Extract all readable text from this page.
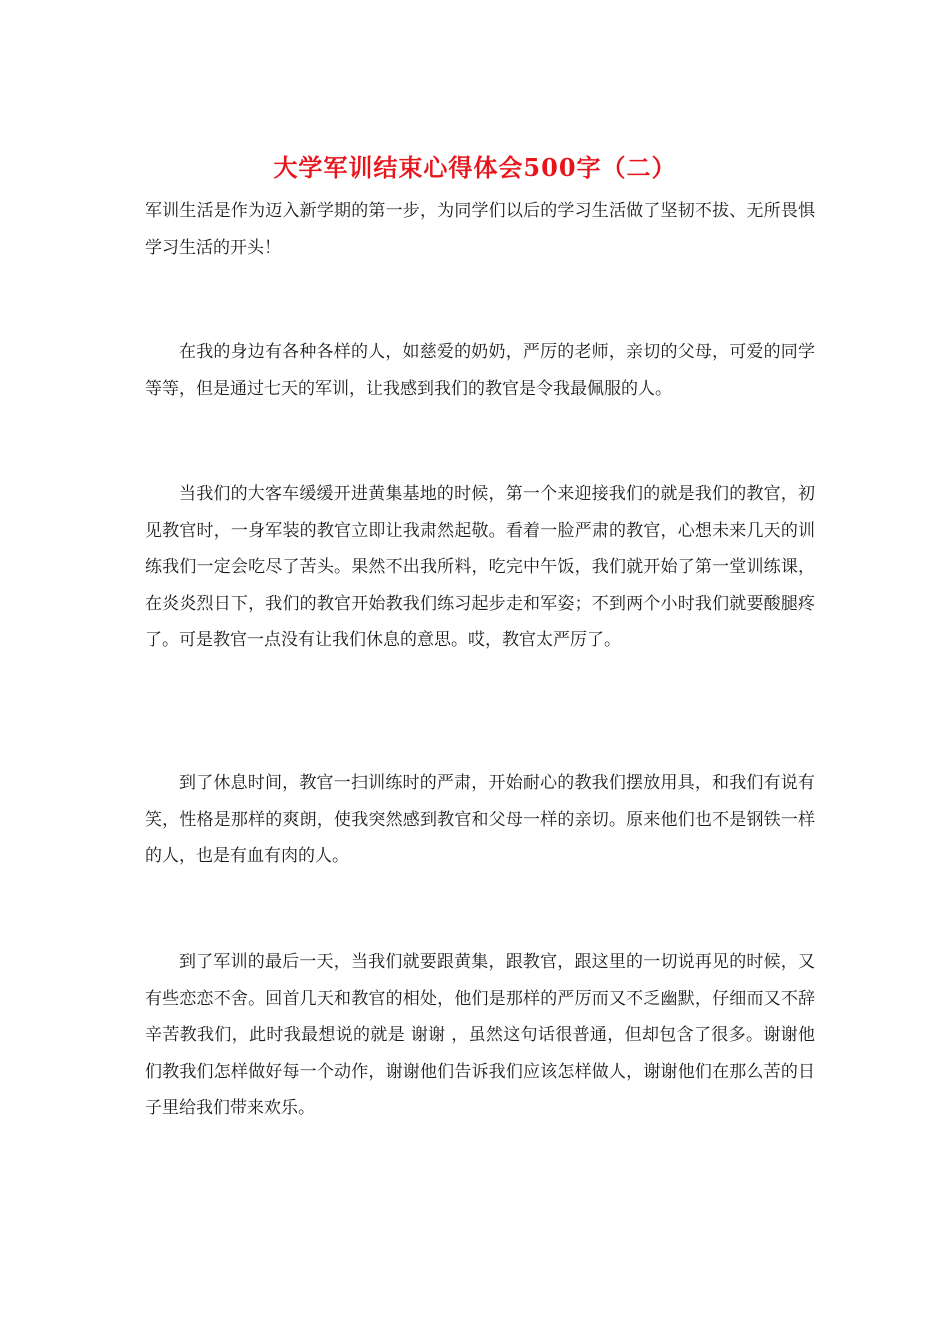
大学军训结束心得体会500字（二）

军训生活是作为迈入新学期的第一步，为同学们以后的学习生活做了坚韧不拔、无所畏惧学习生活的开头！

在我的身边有各种各样的人，如慈爱的奶奶，严厉的老师，亲切的父母，可爱的同学等等，但是通过七天的军训，让我感到我们的教官是令我最佩服的人。

当我们的大客车缓缓开进黄集基地的时候，第一个来迎接我们的就是我们的教官，初见教官时，一身军装的教官立即让我肃然起敬。看着一脸严肃的教官，心想未来几天的训练我们一定会吃尽了苦头。果然不出我所料，吃完中午饭，我们就开始了第一堂训练课，在炎炎烈日下，我们的教官开始教我们练习起步走和军姿；不到两个小时我们就要酸腿疼了。可是教官一点没有让我们休息的意思。哎，教官太严厉了。

到了休息时间，教官一扫训练时的严肃，开始耐心的教我们摆放用具，和我们有说有笑，性格是那样的爽朗，使我突然感到教官和父母一样的亲切。原来他们也不是钢铁一样的人，也是有血有肉的人。

到了军训的最后一天，当我们就要跟黄集，跟教官，跟这里的一切说再见的时候，又有些恋恋不舍。回首几天和教官的相处，他们是那样的严厉而又不乏幽默，仔细而又不辞辛苦教我们，此时我最想说的就是 谢谢 ，虽然这句话很普通，但却包含了很多。谢谢他们教我们怎样做好每一个动作，谢谢他们告诉我们应该怎样做人，谢谢他们在那么苦的日子里给我们带来欢乐。
